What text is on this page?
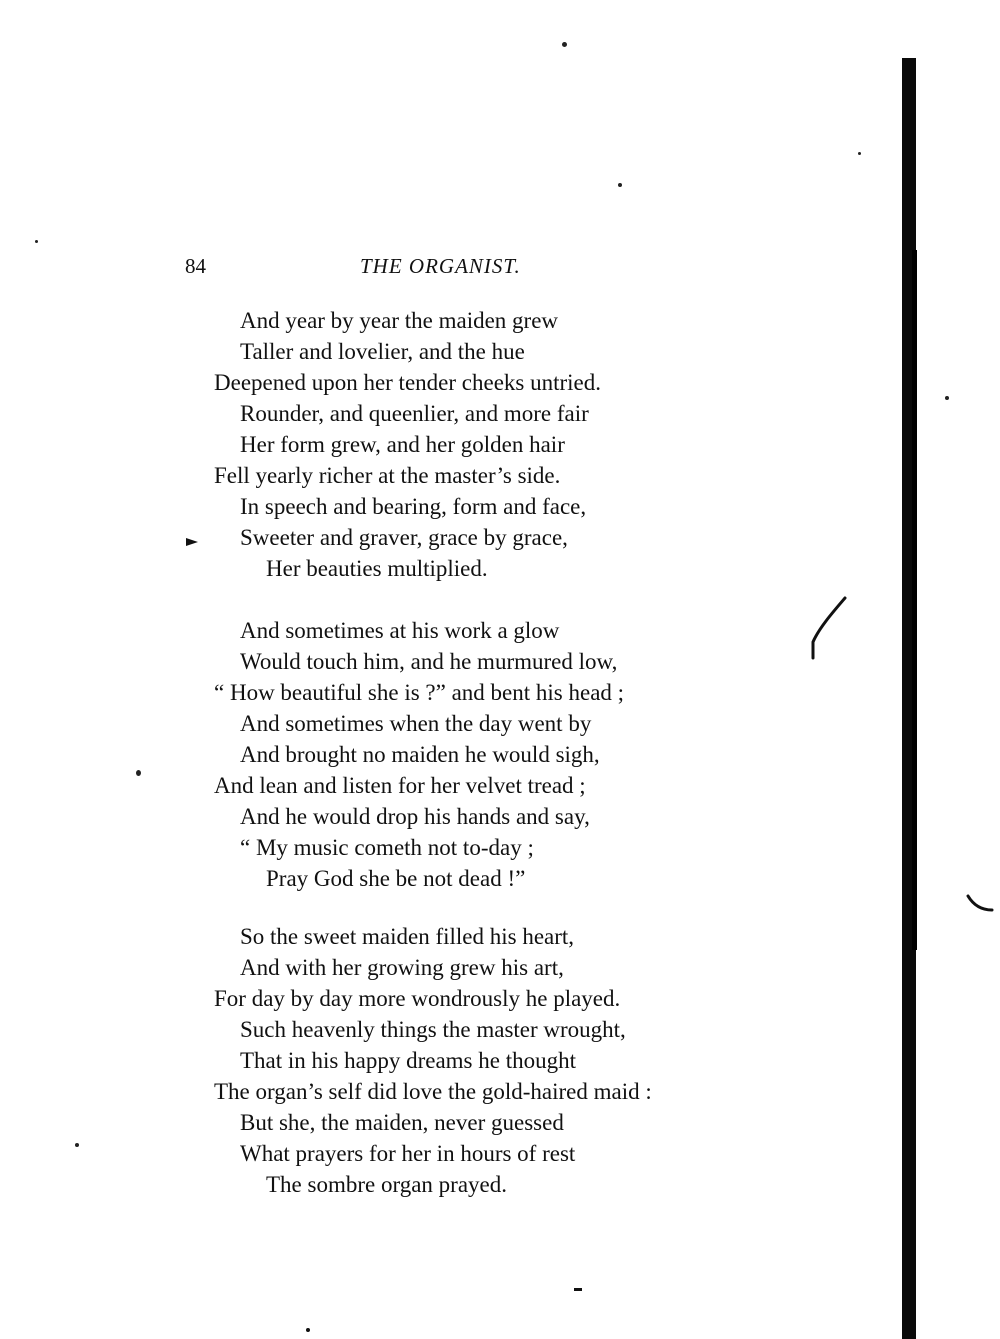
84	THE ORGANIST.
And year by year the maiden grew
Taller and lovelier, and the hue
Deepened upon her tender cheeks untried.
Rounder, and queenlier, and more fair
Her form grew, and her golden hair
Fell yearly richer at the master’s side.
In speech and bearing, form and face,
Sweeter and graver, grace by grace,
Her beauties multiplied.
And sometimes at his work a glow
Would touch him, and he murmured low,
“ How beautiful she is ?” and bent his head ;
And sometimes when the day went by
And brought no maiden he would sigh,
And lean and listen for her velvet tread ;
And he would drop his hands and say,
“ My music cometh not to-day ;
Pray God she be not dead !”
So the sweet maiden filled his heart,
And with her growing grew his art,
For day by day more wondrously he played.
Such heavenly things the master wrought,
That in his happy dreams he thought
The organ’s self did love the gold-haired maid :
But she, the maiden, never guessed
What prayers for her in hours of rest
The sombre organ prayed.
